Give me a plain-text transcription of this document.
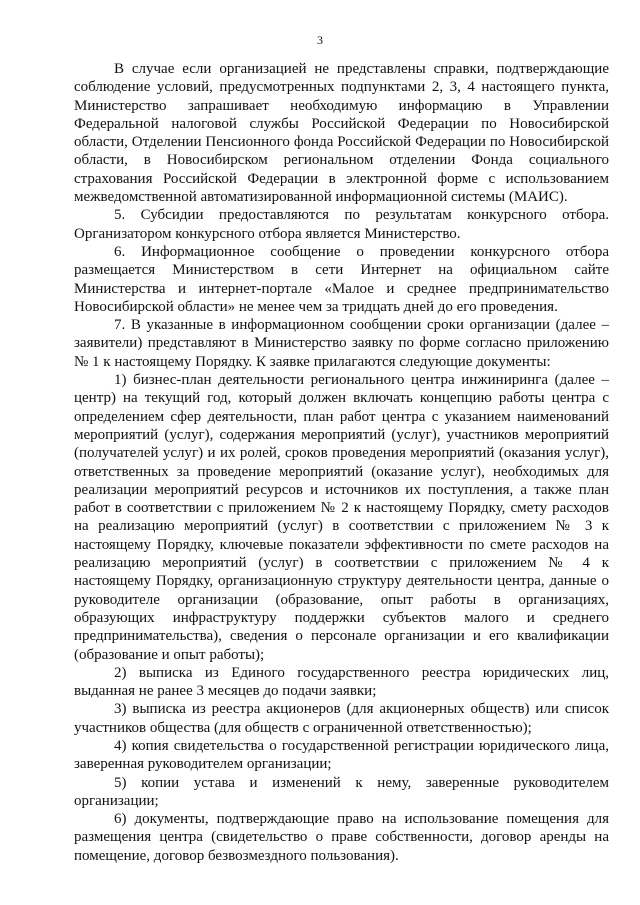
3

В случае если организацией не представлены справки, подтверждающие соблюдение условий, предусмотренных подпунктами 2, 3, 4 настоящего пункта, Министерство запрашивает необходимую информацию в Управлении Федеральной налоговой службы Российской Федерации по Новосибирской области, Отделении Пенсионного фонда Российской Федерации по Новосибирской области, в Новосибирском региональном отделении Фонда социального страхования Российской Федерации в электронной форме с использованием межведомственной автоматизированной информационной системы (МАИС).

5. Субсидии предоставляются по результатам конкурсного отбора. Организатором конкурсного отбора является Министерство.

6. Информационное сообщение о проведении конкурсного отбора размещается Министерством в сети Интернет на официальном сайте Министерства и интернет-портале «Малое и среднее предпринимательство Новосибирской области» не менее чем за тридцать дней до его проведения.

7. В указанные в информационном сообщении сроки организации (далее – заявители) представляют в Министерство заявку по форме согласно приложению № 1 к настоящему Порядку. К заявке прилагаются следующие документы:

1) бизнес-план деятельности регионального центра инжиниринга (далее – центр) на текущий год, который должен включать концепцию работы центра с определением сфер деятельности, план работ центра с указанием наименований мероприятий (услуг), содержания мероприятий (услуг), участников мероприятий (получателей услуг) и их ролей, сроков проведения мероприятий (оказания услуг), ответственных за проведение мероприятий (оказание услуг), необходимых для реализации мероприятий ресурсов и источников их поступления, а также план работ в соответствии с приложением № 2 к настоящему Порядку, смету расходов на реализацию мероприятий (услуг) в соответствии с приложением № 3 к настоящему Порядку, ключевые показатели эффективности по смете расходов на реализацию мероприятий (услуг) в соответствии с приложением № 4 к настоящему Порядку, организационную структуру деятельности центра, данные о руководителе организации (образование, опыт работы в организациях, образующих инфраструктуру поддержки субъектов малого и среднего предпринимательства), сведения о персонале организации и его квалификации (образование и опыт работы);

2) выписка из Единого государственного реестра юридических лиц, выданная не ранее 3 месяцев до подачи заявки;

3) выписка из реестра акционеров (для акционерных обществ) или список участников общества (для обществ с ограниченной ответственностью);

4) копия свидетельства о государственной регистрации юридического лица, заверенная руководителем организации;

5) копии устава и изменений к нему, заверенные руководителем организации;

6) документы, подтверждающие право на использование помещения для размещения центра (свидетельство о праве собственности, договор аренды на помещение, договор безвозмездного пользования).
